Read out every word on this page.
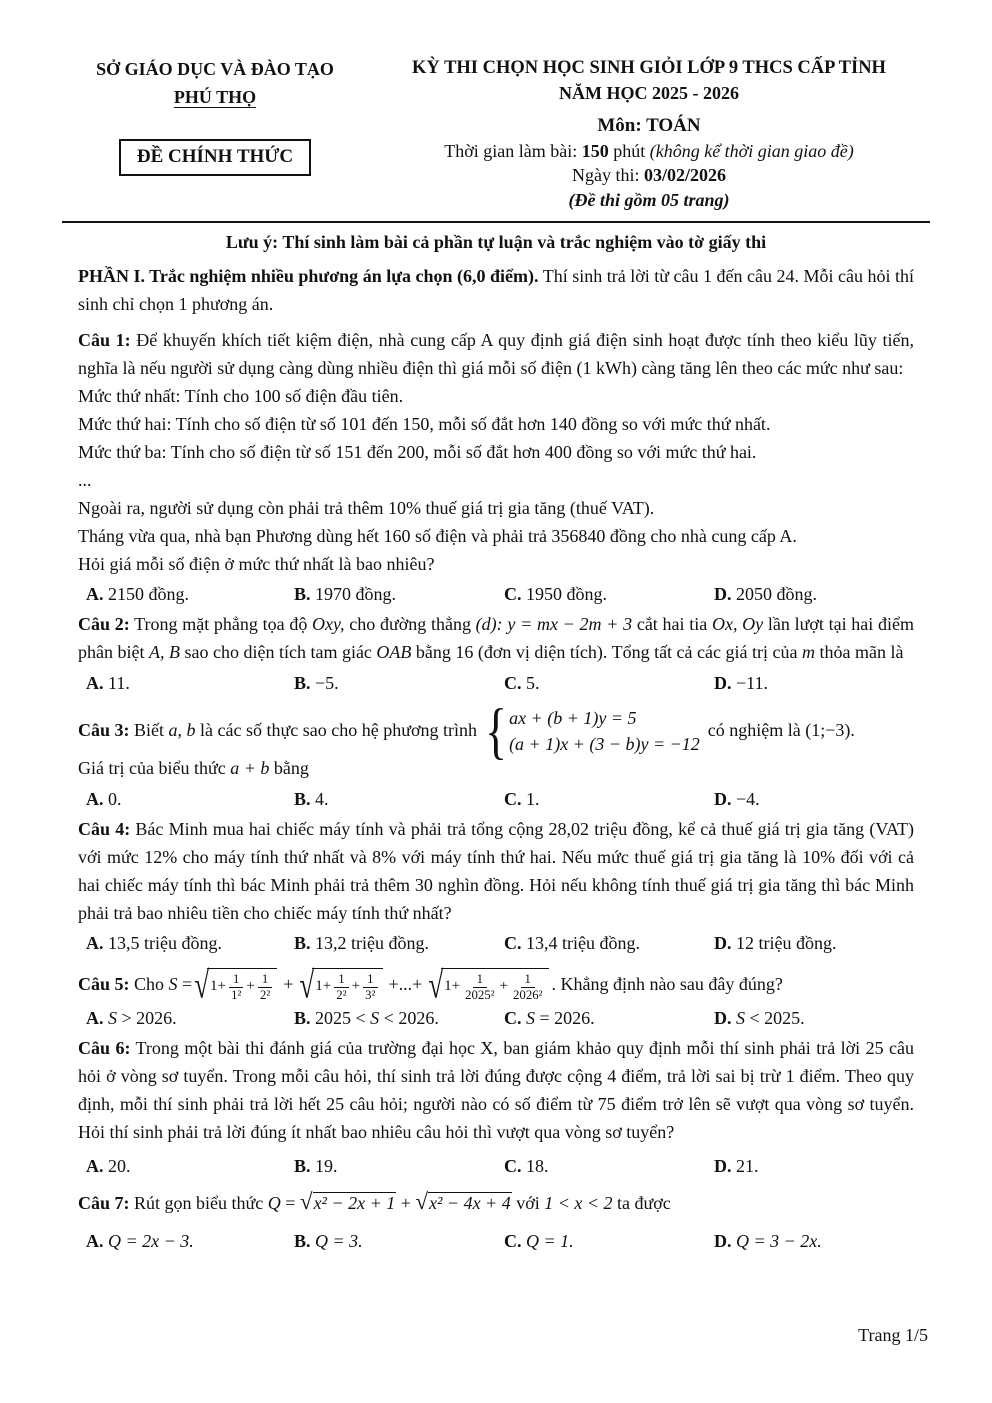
SỞ GIÁO DỤC VÀ ĐÀO TẠO
PHÚ THỌ
ĐỀ CHÍNH THỨC
KỲ THI CHỌN HỌC SINH GIỎI LỚP 9 THCS CẤP TỈNH
NĂM HỌC 2025 - 2026
Môn: TOÁN
Thời gian làm bài: 150 phút (không kể thời gian giao đề)
Ngày thi: 03/02/2026
(Đề thi gồm 05 trang)
Lưu ý: Thí sinh làm bài cả phần tự luận và trắc nghiệm vào tờ giấy thi

PHẦN I. Trắc nghiệm nhiều phương án lựa chọn (6,0 điểm). Thí sinh trả lời từ câu 1 đến câu 24. Mỗi câu hỏi thí sinh chỉ chọn 1 phương án.

Câu 1: Để khuyến khích tiết kiệm điện, nhà cung cấp A quy định giá điện sinh hoạt được tính theo kiểu lũy tiến, nghĩa là nếu người sử dụng càng dùng nhiều điện thì giá mỗi số điện (1 kWh) càng tăng lên theo các mức như sau:

Mức thứ nhất: Tính cho 100 số điện đầu tiên.

Mức thứ hai: Tính cho số điện từ số 101 đến 150, mỗi số đắt hơn 140 đồng so với mức thứ nhất.

Mức thứ ba: Tính cho số điện từ số 151 đến 200, mỗi số đắt hơn 400 đồng so với mức thứ hai.

...

Ngoài ra, người sử dụng còn phải trả thêm 10% thuế giá trị gia tăng (thuế VAT).

Tháng vừa qua, nhà bạn Phương dùng hết 160 số điện và phải trả 356840 đồng cho nhà cung cấp A.

Hỏi giá mỗi số điện ở mức thứ nhất là bao nhiêu?

A. 2150 đồng.	B. 1970 đồng.	C. 1950 đồng.	D. 2050 đồng.

Câu 2: Trong mặt phẳng tọa độ Oxy, cho đường thẳng (d): y = mx − 2m + 3 cắt hai tia Ox, Oy lần lượt tại hai điểm phân biệt A, B sao cho diện tích tam giác OAB bằng 16 (đơn vị diện tích). Tổng tất cả các giá trị của m thỏa mãn là

A. 11.	B. −5.	C. 5.	D. −11.
Câu 3: Biết a, b là các số thực sao cho hệ phương trình { ax + (b + 1)y = 5
(a + 1)x + (3 − b)y = −12
có nghiệm là (1;−3).

Giá trị của biểu thức a + b bằng

A. 0.	B. 4.	C. 1.	D. −4.

Câu 4: Bác Minh mua hai chiếc máy tính và phải trả tổng cộng 28,02 triệu đồng, kể cả thuế giá trị gia tăng (VAT) với mức 12% cho máy tính thứ nhất và 8% với máy tính thứ hai. Nếu mức thuế giá trị gia tăng là 10% đối với cả hai chiếc máy tính thì bác Minh phải trả thêm 30 nghìn đồng. Hỏi nếu không tính thuế giá trị gia tăng thì bác Minh phải trả bao nhiêu tiền cho chiếc máy tính thứ nhất?

A. 13,5 triệu đồng.	B. 13,2 triệu đồng.	C. 13,4 triệu đồng.	D. 12 triệu đồng.
Câu 5: Cho S = √ $1+ \frac{1}{\text{1²}} + \frac{1}{\text{2²}}$ + √ $1+ \frac{1}{\text{2²}} + \frac{1}{\text{3²}}$ +...+ √ $1+ \frac{1}{\text{2025²}} + \frac{1}{\text{2026²}}$ . Khẳng định nào sau đây đúng?
A. S > 2026.	B. 2025 < S < 2026.	C. S = 2026.	D. S < 2025.

Câu 6: Trong một bài thi đánh giá của trường đại học X, ban giám khảo quy định mỗi thí sinh phải trả lời 25 câu hỏi ở vòng sơ tuyển. Trong mỗi câu hỏi, thí sinh trả lời đúng được cộng 4 điểm, trả lời sai bị trừ 1 điểm. Theo quy định, mỗi thí sinh phải trả lời hết 25 câu hỏi; người nào có số điểm từ 75 điểm trở lên sẽ vượt qua vòng sơ tuyển. Hỏi thí sinh phải trả lời đúng ít nhất bao nhiêu câu hỏi thì vượt qua vòng sơ tuyển?

A. 20.	B. 19.	C. 18.	D. 21.

Câu 7: Rút gọn biểu thức Q = √x² − 2x + 1 + √x² − 4x + 4 với 1 < x < 2 ta được

A. Q = 2x − 3.	B. Q = 3.	C. Q = 1.	D. Q = 3 − 2x.
Trang 1/5
